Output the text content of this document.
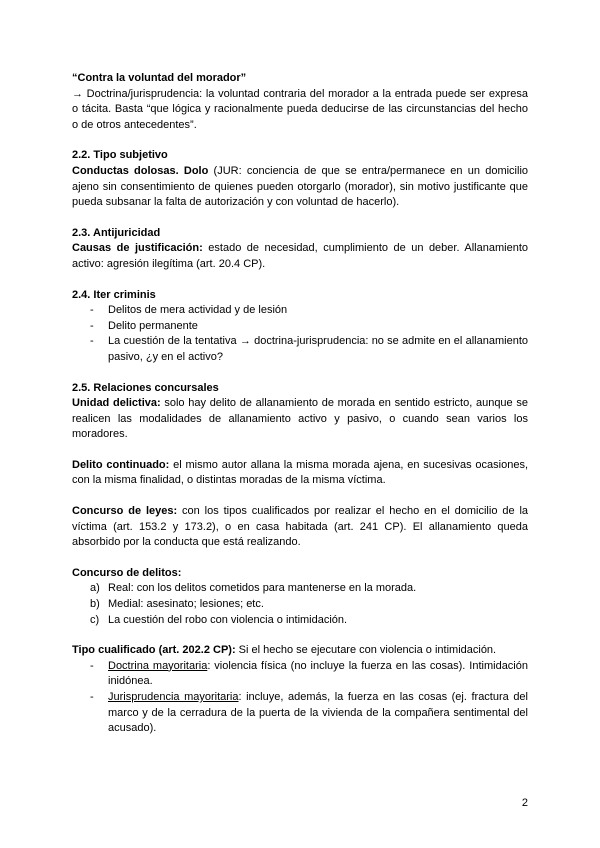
“Contra la voluntad del morador”

→ Doctrina/jurisprudencia: la voluntad contraria del morador a la entrada puede ser expresa o tácita. Basta “que lógica y racionalmente pueda deducirse de las circunstancias del hecho o de otros antecedentes”.

2.2. Tipo subjetivo

Conductas dolosas. Dolo (JUR: conciencia de que se entra/permanece en un domicilio ajeno sin consentimiento de quienes pueden otorgarlo (morador), sin motivo justificante que pueda subsanar la falta de autorización y con voluntad de hacerlo).

2.3. Antijuricidad

Causas de justificación: estado de necesidad, cumplimiento de un deber. Allanamiento activo: agresión ilegítima (art. 20.4 CP).

2.4. Iter criminis

- Delitos de mera actividad y de lesión
- Delito permanente
- La cuestión de la tentativa → doctrina-jurisprudencia: no se admite en el allanamiento pasivo, ¿y en el activo?

2.5. Relaciones concursales

Unidad delictiva: solo hay delito de allanamiento de morada en sentido estricto, aunque se realicen las modalidades de allanamiento activo y pasivo, o cuando sean varios los moradores.

Delito continuado: el mismo autor allana la misma morada ajena, en sucesivas ocasiones, con la misma finalidad, o distintas moradas de la misma víctima.

Concurso de leyes: con los tipos cualificados por realizar el hecho en el domicilio de la víctima (art. 153.2 y 173.2), o en casa habitada (art. 241 CP). El allanamiento queda absorbido por la conducta que está realizando.

Concurso de delitos:

a) Real: con los delitos cometidos para mantenerse en la morada.
b) Medial: asesinato; lesiones; etc.
c) La cuestión del robo con violencia o intimidación.

Tipo cualificado (art. 202.2 CP): Si el hecho se ejecutare con violencia o intimidación.

- Doctrina mayoritaria: violencia física (no incluye la fuerza en las cosas). Intimidación inidónea.
- Jurisprudencia mayoritaria: incluye, además, la fuerza en las cosas (ej. fractura del marco y de la cerradura de la puerta de la vivienda de la compañera sentimental del acusado).
2
